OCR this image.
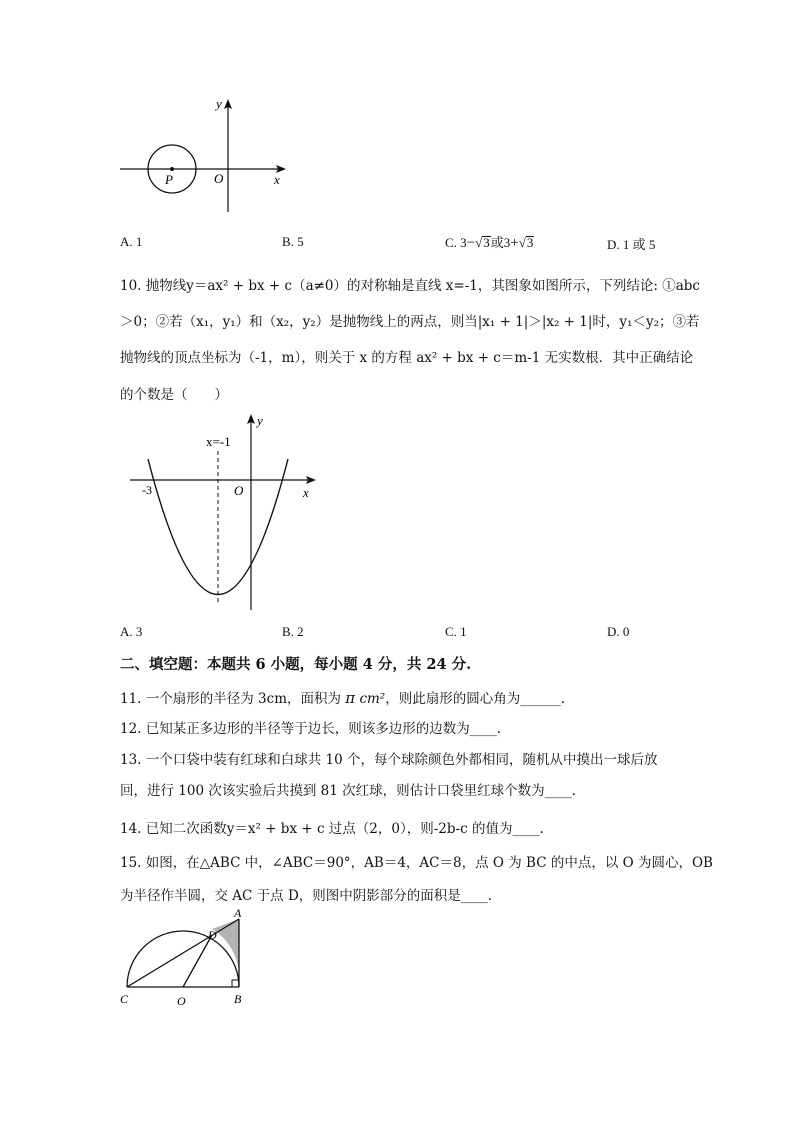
y
x
O
P
A. 1	B. 5	C. 3−√3或3+√3	D. 1 或 5
10. 抛物线y＝ax² + bx + c（a≠0）的对称轴是直线 x=-1，其图象如图所示，下列结论: ①abc
＞0；②若（x₁，y₁）和（x₂，y₂）是抛物线上的两点，则当|x₁ + 1|＞|x₂ + 1|时，y₁＜y₂；③若
抛物线的顶点坐标为（-1，m），则关于 x 的方程 ax² + bx + c＝m-1 无实数根．其中正确结论
的个数是（　　）
y
x=-1
O	x
-3
A. 3	B. 2	C. 1	D. 0
二、填空题：本题共 6 小题，每小题 4 分，共 24 分.
11. 一个扇形的半径为 3cm，面积为 π cm²，则此扇形的圆心角为______.
12. 已知某正多边形的半径等于边长，则该多边形的边数为____.
13. 一个口袋中装有红球和白球共 10 个，每个球除颜色外都相同，随机从中摸出一球后放
回，进行 100 次该实验后共摸到 81 次红球，则估计口袋里红球个数为____.
14. 已知二次函数y＝x² + bx + c 过点（2，0），则-2b-c 的值为____.
15. 如图，在△ABC 中，∠ABC＝90°，AB＝4，AC＝8，点 O 为 BC 的中点，以 O 为圆心，OB
为半径作半圆，交 AC 于点 D，则图中阴影部分的面积是____.
A
D
C	O	B
